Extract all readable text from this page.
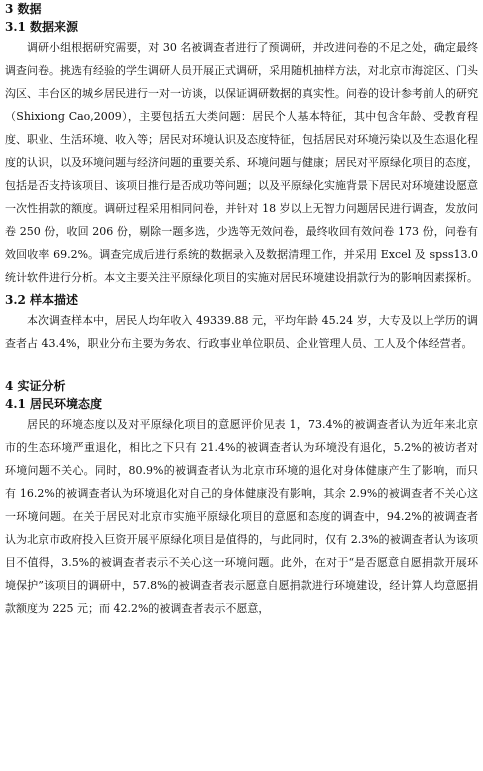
3 数据
3.1 数据来源

调研小组根据研究需要，对 30 名被调查者进行了预调研，并改进问卷的不足之处，确定最终调查问卷。挑选有经验的学生调研人员开展正式调研，采用随机抽样方法，对北京市海淀区、门头沟区、丰台区的城乡居民进行一对一访谈，以保证调研数据的真实性。问卷的设计参考前人的研究（Shixiong Cao,2009），主要包括五大类问题：居民个人基本特征，其中包含年龄、受教育程度、职业、生活环境、收入等；居民对环境认识及态度特征，包括居民对环境污染以及生态退化程度的认识，以及环境问题与经济问题的重要关系、环境问题与健康；居民对平原绿化项目的态度，包括是否支持该项目、该项目推行是否成功等问题；以及平原绿化实施背景下居民对环境建设愿意一次性捐款的额度。调研过程采用相同问卷，并针对 18 岁以上无智力问题居民进行调查，发放问卷 250 份，收回 206 份，剔除一题多选，少选等无效问卷，最终收回有效问卷 173 份，问卷有效回收率 69.2%。调查完成后进行系统的数据录入及数据清理工作，并采用 Excel 及 spss13.0 统计软件进行分析。本文主要关注平原绿化项目的实施对居民环境建设捐款行为的影响因素探析。

3.2 样本描述

本次调查样本中，居民人均年收入 49339.88 元，平均年龄 45.24 岁，大专及以上学历的调查者占 43.4%，职业分布主要为务农、行政事业单位职员、企业管理人员、工人及个体经营者。

4 实证分析
4.1 居民环境态度

居民的环境态度以及对平原绿化项目的意愿评价见表 1，73.4%的被调查者认为近年来北京市的生态环境严重退化，相比之下只有 21.4%的被调查者认为环境没有退化，5.2%的被访者对环境问题不关心。同时，80.9%的被调查者认为北京市环境的退化对身体健康产生了影响，而只有 16.2%的被调查者认为环境退化对自己的身体健康没有影响，其余 2.9%的被调查者不关心这一环境问题。在关于居民对北京市实施平原绿化项目的意愿和态度的调查中，94.2%的被调查者认为北京市政府投入巨资开展平原绿化项目是值得的，与此同时，仅有 2.3%的被调查者认为该项目不值得，3.5%的被调查者表示不关心这一环境问题。此外，在对于“是否愿意自愿捐款开展环境保护”该项目的调研中，57.8%的被调查者表示愿意自愿捐款进行环境建设，经计算人均意愿捐款额度为 225 元；而 42.2%的被调查者表示不愿意，
